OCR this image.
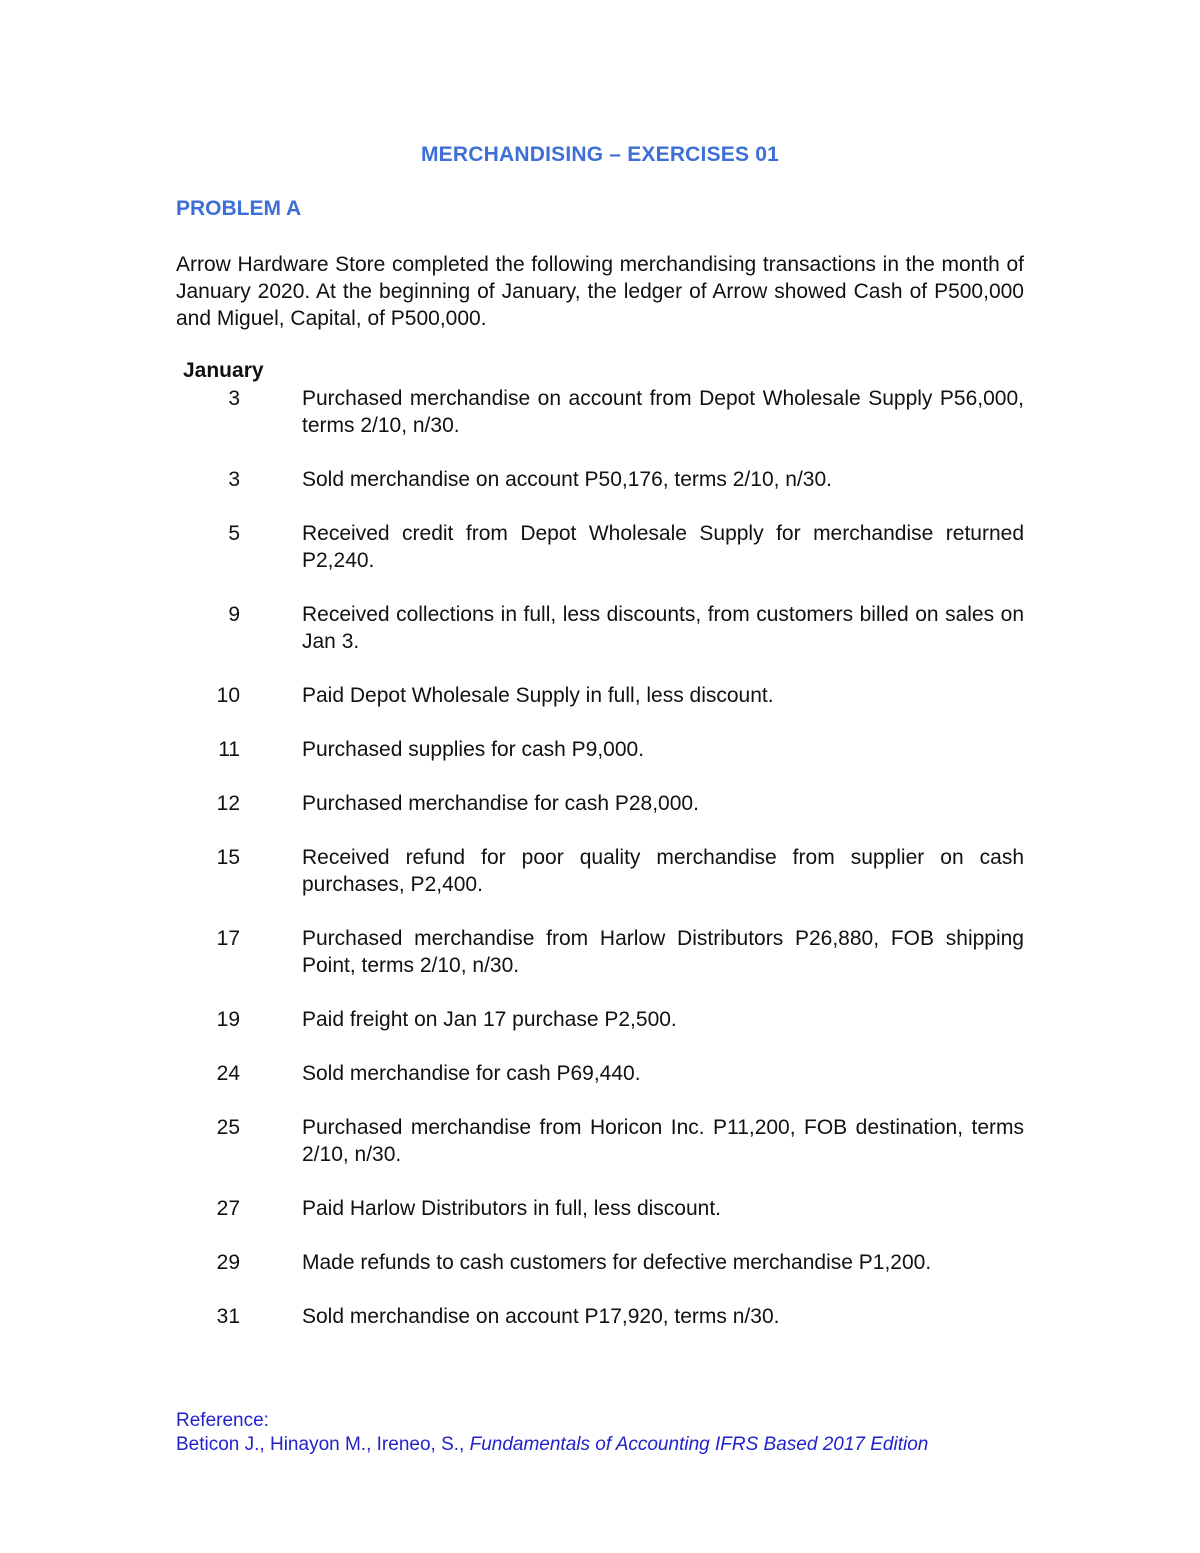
MERCHANDISING – EXERCISES 01
PROBLEM A

Arrow Hardware Store completed the following merchandising transactions in the month of January 2020. At the beginning of January, the ledger of Arrow showed Cash of P500,000 and Miguel, Capital, of P500,000.

January
3	Purchased merchandise on account from Depot Wholesale Supply P56,000, terms 2/10, n/30.
3	Sold merchandise on account P50,176, terms 2/10, n/30.
5	Received credit from Depot Wholesale Supply for merchandise returned P2,240.
9	Received collections in full, less discounts, from customers billed on sales on Jan 3.
10	Paid Depot Wholesale Supply in full, less discount.
11	Purchased supplies for cash P9,000.
12	Purchased merchandise for cash P28,000.
15	Received refund for poor quality merchandise from supplier on cash purchases, P2,400.
17	Purchased merchandise from Harlow Distributors P26,880, FOB shipping Point, terms 2/10, n/30.
19	Paid freight on Jan 17 purchase P2,500.
24	Sold merchandise for cash P69,440.
25	Purchased merchandise from Horicon Inc. P11,200, FOB destination, terms 2/10, n/30.
27	Paid Harlow Distributors in full, less discount.
29	Made refunds to cash customers for defective merchandise P1,200.
31	Sold merchandise on account P17,920, terms n/30.
Reference:
Beticon J., Hinayon M., Ireneo, S., Fundamentals of Accounting IFRS Based 2017 Edition
